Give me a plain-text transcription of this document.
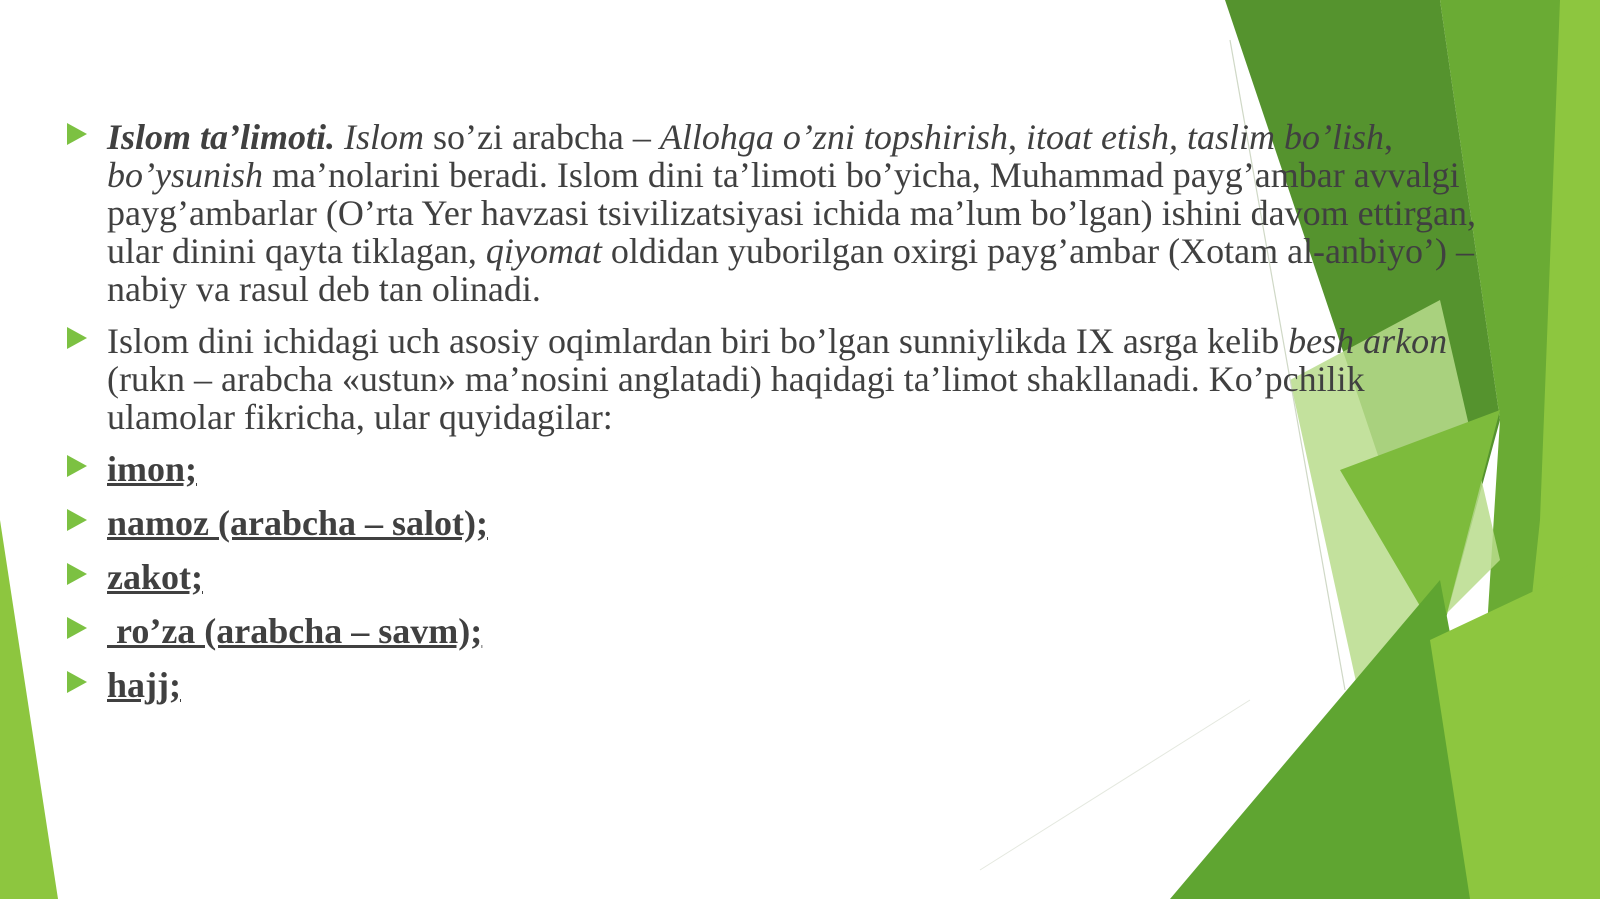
Islom ta’limoti. Islom so’zi arabcha – Allohga o’zni topshirish, itoat etish, taslim bo’lish, bo’ysunish ma’nolarini beradi. Islom dini ta’limoti bo’yicha, Muhammad payg’ambar avvalgi payg’ambarlar (O’rta Yer havzasi tsivilizatsiyasi ichida ma’lum bo’lgan) ishini davom ettirgan, ular dinini qayta tiklagan, qiyomat oldidan yuborilgan oxirgi payg’ambar (Xotam al-anbiyo’) – nabiy va rasul deb tan olinadi.
Islom dini ichidagi uch asosiy oqimlardan biri bo’lgan sunniylikda IX asrga kelib besh arkon (rukn – arabcha «ustun» ma’nosini anglatadi) haqidagi ta’limot shakllanadi. Ko’pchilik ulamolar fikricha, ular quyidagilar:
imon;
namoz (arabcha – salot);
zakot;
ro’za (arabcha – savm);
hajj;
